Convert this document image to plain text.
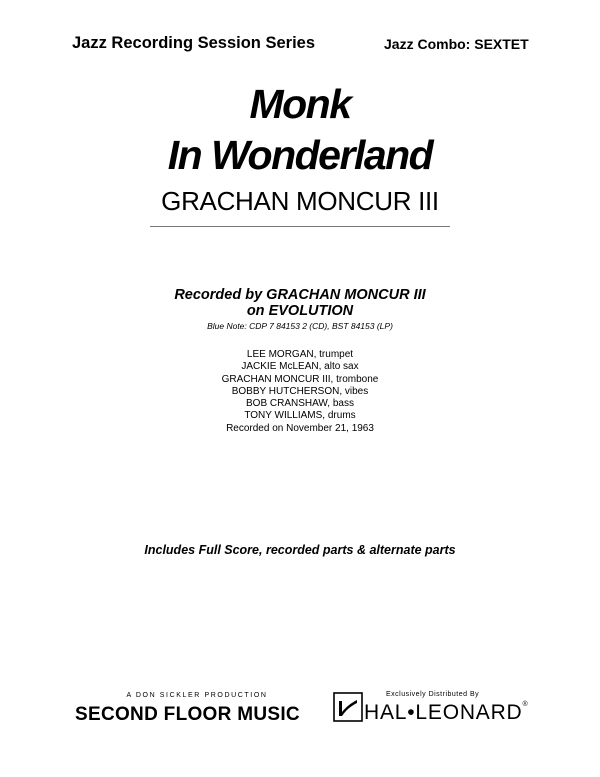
Jazz Recording Session Series	Jazz Combo: SEXTET
Monk
In Wonderland
GRACHAN MONCUR III
Recorded by GRACHAN MONCUR III
on EVOLUTION
Blue Note: CDP 7 84153 2 (CD), BST 84153 (LP)
LEE MORGAN, trumpet
JACKIE McLEAN, alto sax
GRACHAN MONCUR III, trombone
BOBBY HUTCHERSON, vibes
BOB CRANSHAW, bass
TONY WILLIAMS, drums
Recorded on November 21, 1963
Includes Full Score, recorded parts & alternate parts
A DON SICKLER PRODUCTION
SECOND FLOOR MUSIC
Exclusively Distributed By
HAL•LEONARD®
